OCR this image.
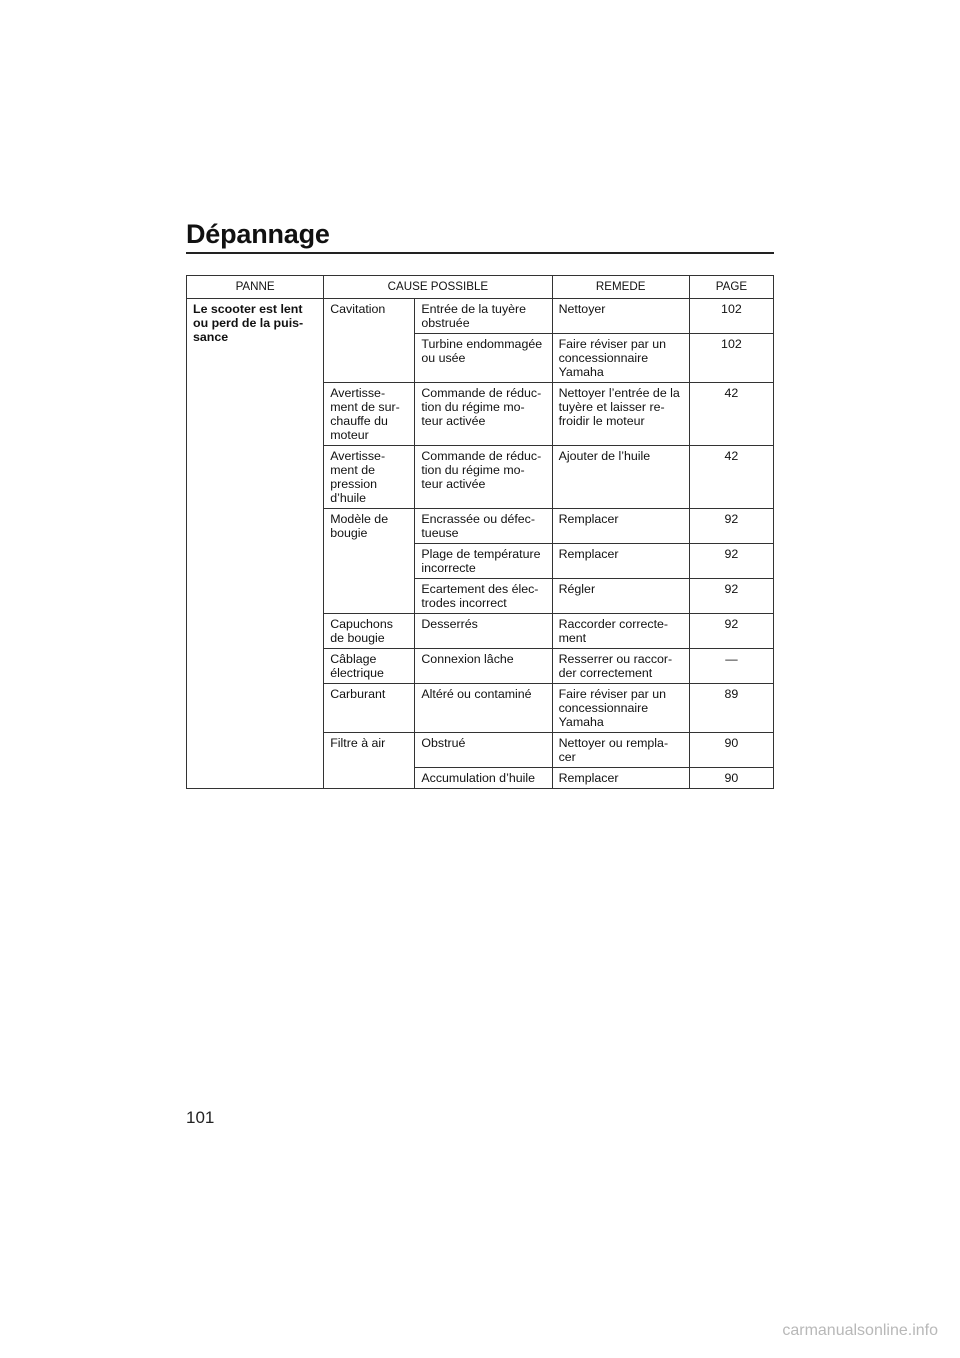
Dépannage
PANNE	CAUSE POSSIBLE		REMEDE	PAGE
Le scooter est lent ou perd de la puis-sance	Cavitation	Entrée de la tuyère obstruée	Nettoyer	102
		Turbine endommagée ou usée	Faire réviser par un concessionnaire Yamaha	102
	Avertisse-ment de sur-chauffe du moteur	Commande de réduc-tion du régime mo-teur activée	Nettoyer l’entrée de la tuyère et laisser re-froidir le moteur	42
	Avertisse-ment de pression d’huile	Commande de réduc-tion du régime mo-teur activée	Ajouter de l’huile	42
	Modèle de bougie	Encrassée ou défec-tueuse	Remplacer	92
		Plage de température incorrecte	Remplacer	92
		Ecartement des élec-trodes incorrect	Régler	92
	Capuchons de bougie	Desserrés	Raccorder correcte-ment	92
	Câblage électrique	Connexion lâche	Resserrer ou raccor-der correctement	—
	Carburant	Altéré ou contaminé	Faire réviser par un concessionnaire Yamaha	89
	Filtre à air	Obstrué	Nettoyer ou rempla-cer	90
		Accumulation d’huile	Remplacer	90
101
carmanualsonline.info
